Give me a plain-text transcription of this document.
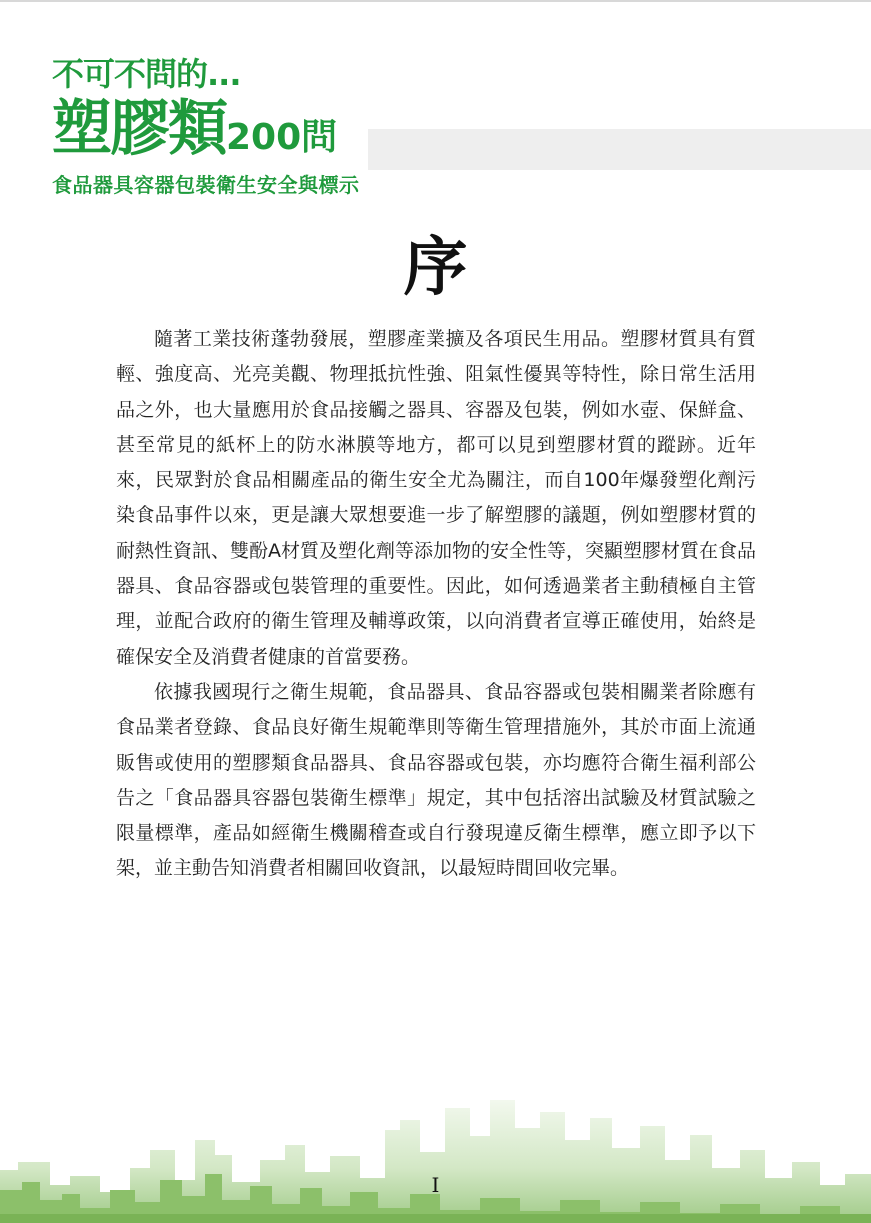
不可不問的...
塑膠類200問
食品器具容器包裝衛生安全與標示
序

隨著工業技術蓬勃發展，塑膠產業擴及各項民生用品。塑膠材質具有質輕、強度高、光亮美觀、物理抵抗性強、阻氣性優異等特性，除日常生活用品之外，也大量應用於食品接觸之器具、容器及包裝，例如水壺、保鮮盒、甚至常見的紙杯上的防水淋膜等地方，都可以見到塑膠材質的蹤跡。近年來，民眾對於食品相關產品的衛生安全尤為關注，而自100年爆發塑化劑污染食品事件以來，更是讓大眾想要進一步了解塑膠的議題，例如塑膠材質的耐熱性資訊、雙酚A材質及塑化劑等添加物的安全性等，突顯塑膠材質在食品器具、食品容器或包裝管理的重要性。因此，如何透過業者主動積極自主管理，並配合政府的衛生管理及輔導政策，以向消費者宣導正確使用，始終是確保安全及消費者健康的首當要務。

依據我國現行之衛生規範，食品器具、食品容器或包裝相關業者除應有食品業者登錄、食品良好衛生規範準則等衛生管理措施外，其於市面上流通販售或使用的塑膠類食品器具、食品容器或包裝，亦均應符合衛生福利部公告之「食品器具容器包裝衛生標準」規定，其中包括溶出試驗及材質試驗之限量標準，產品如經衛生機關稽查或自行發現違反衛生標準，應立即予以下架，並主動告知消費者相關回收資訊，以最短時間回收完畢。

I
